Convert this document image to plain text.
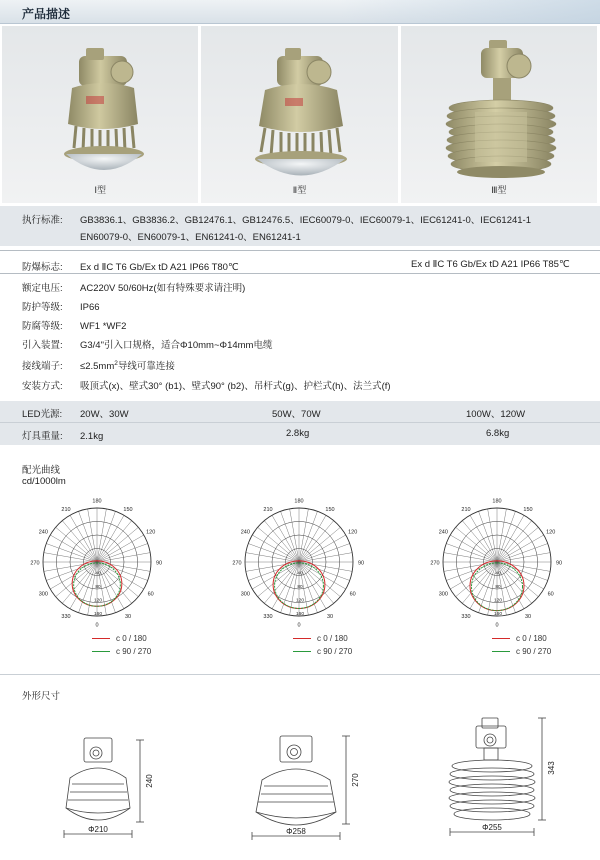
产品描述
Ⅰ型	Ⅱ型	Ⅲ型
执行标准: GB3836.1、GB3836.2、GB12476.1、GB12476.5、IEC60079-0、IEC60079-1、IEC61241-0、IEC61241-1
EN60079-0、EN60079-1、EN61241-0、EN61241-1
防爆标志: Ex d ⅡC T6 Gb/Ex tD A21 IP66 T80℃	Ex d ⅡC T6 Gb/Ex tD A21 IP66 T85℃
额定电压: AC220V 50/60Hz(如有特殊要求请注明)
防护等级: IP66
防腐等级: WF1 *WF2
引入装置: G3/4"引入口规格，适合Φ10mm~Φ14mm电缆
接线端子: $\le 2.5mm^2$导线可靠连接
安装方式: 吸顶式(x)、壁式30° (b1)、壁式90° (b2)、吊杆式(g)、护栏式(h)、法兰式(f)
LED光源: 20W、30W	50W、70W	100W、120W
灯具重量: 2.1kg	2.8kg	6.8kg
配光曲线
cd/1000lm
180
150
120
90
60
30
0
330
300
270
240
210
40
80
120
160
180
150
120
90
60
30
0
330
300
270
240
210
40
80
120
160
180
150
120
90
60
30
0
330
300
270
240
210
40
80
120
160
c 0 / 180
c 90 / 270
c 0 / 180
c 90 / 270
c 0 / 180
c 90 / 270
外形尺寸
240
Φ210
270
Φ258
343
Φ255
